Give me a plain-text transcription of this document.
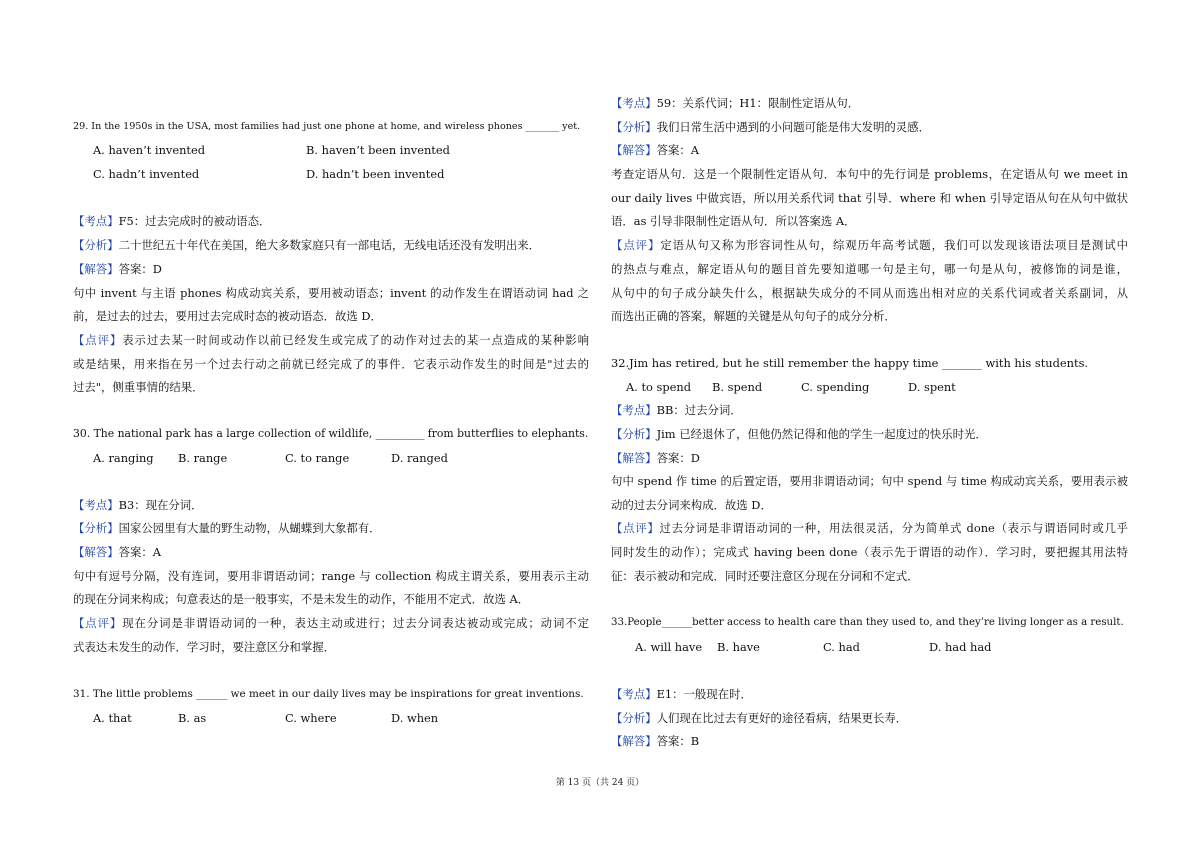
29. In the 1950s in the USA, most families had just one phone at home, and wireless phones _______ yet.
A. haven’t invented	B. haven’t been invented
C. hadn’t invented	D. hadn’t been invented
【考点】F5：过去完成时的被动语态．
【分析】二十世纪五十年代在美国，绝大多数家庭只有一部电话，无线电话还没有发明出来．
【解答】答案：D
句中 invent 与主语 phones 构成动宾关系，要用被动语态；invent 的动作发生在谓语动词 had 之
前，是过去的过去，要用过去完成时态的被动语态．故选 D．
【点评】表示过去某一时间或动作以前已经发生或完成了的动作对过去的某一点造成的某种影响
或是结果，用来指在另一个过去行动之前就已经完成了的事件．它表示动作发生的时间是"过去的
过去"，侧重事情的结果．
30. The national park has a large collection of wildlife, _________ from butterflies to elephants.
A. ranging B. range	C. to range	D. ranged
【考点】B3：现在分词．
【分析】国家公园里有大量的野生动物，从蝴蝶到大象都有．
【解答】答案：A
句中有逗号分隔，没有连词，要用非谓语动词；range 与 collection 构成主谓关系，要用表示主动
的现在分词来构成；句意表达的是一般事实，不是未发生的动作，不能用不定式．故选 A．
【点评】现在分词是非谓语动词的一种，表达主动或进行；过去分词表达被动或完成；动词不定
式表达未发生的动作．学习时，要注意区分和掌握．
31. The little problems ______ we meet in our daily lives may be inspirations for great inventions.
A. that	B. as	C. where	D. when
【考点】59：关系代词；H1：限制性定语从句．
【分析】我们日常生活中遇到的小问题可能是伟大发明的灵感．
【解答】答案：A
考查定语从句．这是一个限制性定语从句．本句中的先行词是 problems，在定语从句 we meet in
our daily lives 中做宾语，所以用关系代词 that 引导．where 和 when 引导定语从句在从句中做状
语．as 引导非限制性定语从句．所以答案选 A．
【点评】定语从句又称为形容词性从句，综观历年高考试题，我们可以发现该语法项目是测试中
的热点与难点，解定语从句的题目首先要知道哪一句是主句，哪一句是从句，被修饰的词是谁，
从句中的句子成分缺失什么，根据缺失成分的不同从而选出相对应的关系代词或者关系副词，从
而选出正确的答案，解题的关键是从句句子的成分分析．
32.Jim has retired, but he still remember the happy time _______ with his students.
A. to spend B. spend	C. spending	D. spent
【考点】BB：过去分词．
【分析】Jim 已经退休了，但他仍然记得和他的学生一起度过的快乐时光．
【解答】答案：D
句中 spend 作 time 的后置定语，要用非谓语动词；句中 spend 与 time 构成动宾关系，要用表示被
动的过去分词来构成．故选 D．
【点评】过去分词是非谓语动词的一种，用法很灵活，分为简单式 done（表示与谓语同时或几乎
同时发生的动作）；完成式 having been done（表示先于谓语的动作）．学习时，要把握其用法特
征：表示被动和完成．同时还要注意区分现在分词和不定式．
33.People______better access to health care than they used to, and they’re living longer as a result.
A. will have B. have	C. had	D. had had
【考点】E1：一般现在时．
【分析】人们现在比过去有更好的途径看病，结果更长寿．
【解答】答案：B
第 13 页（共 24 页）
